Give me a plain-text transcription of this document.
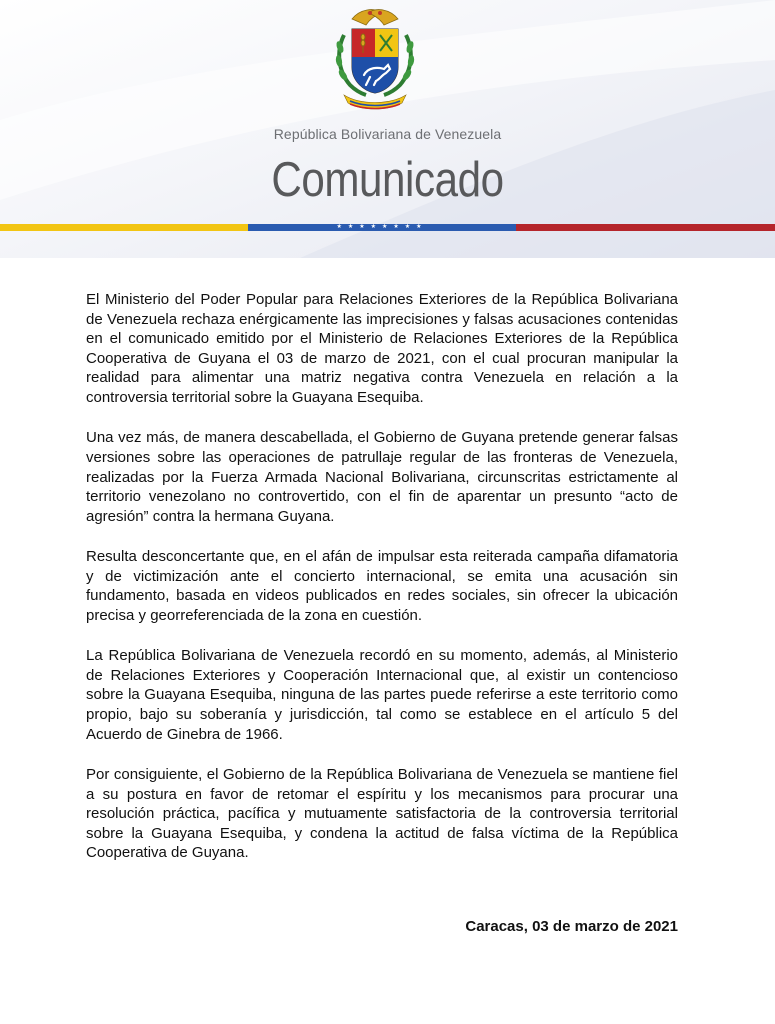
República Bolivariana de Venezuela
Comunicado
★★★★★★★★

El Ministerio del Poder Popular para Relaciones Exteriores de la República Bolivariana de Venezuela rechaza enérgicamente las imprecisiones y falsas acusaciones contenidas en el comunicado emitido por el Ministerio de Relaciones Exteriores de la República Cooperativa de Guyana el 03 de marzo de 2021, con el cual procuran manipular la realidad para alimentar una matriz negativa contra Venezuela en relación a la controversia territorial sobre la Guayana Esequiba.

Una vez más, de manera descabellada, el Gobierno de Guyana pretende generar falsas versiones sobre las operaciones de patrullaje regular de las fronteras de Venezuela, realizadas por la Fuerza Armada Nacional Bolivariana, circunscritas estrictamente al territorio venezolano no controvertido, con el fin de aparentar un presunto “acto de agresión” contra la hermana Guyana.

Resulta desconcertante que, en el afán de impulsar esta reiterada campaña difamatoria y de victimización ante el concierto internacional, se emita una acusación sin fundamento, basada en videos publicados en redes sociales, sin ofrecer la ubicación precisa y georreferenciada de la zona en cuestión.

La República Bolivariana de Venezuela recordó en su momento, además, al Ministerio de Relaciones Exteriores y Cooperación Internacional que, al existir un contencioso sobre la Guayana Esequiba, ninguna de las partes puede referirse a este territorio como propio, bajo su soberanía y jurisdicción, tal como se establece en el artículo 5 del Acuerdo de Ginebra de 1966.

Por consiguiente, el Gobierno de la República Bolivariana de Venezuela se mantiene fiel a su postura en favor de retomar el espíritu y los mecanismos para procurar una resolución práctica, pacífica y mutuamente satisfactoria de la controversia territorial sobre la Guayana Esequiba, y condena la actitud de falsa víctima de la República Cooperativa de Guyana.

Caracas, 03 de marzo de 2021
